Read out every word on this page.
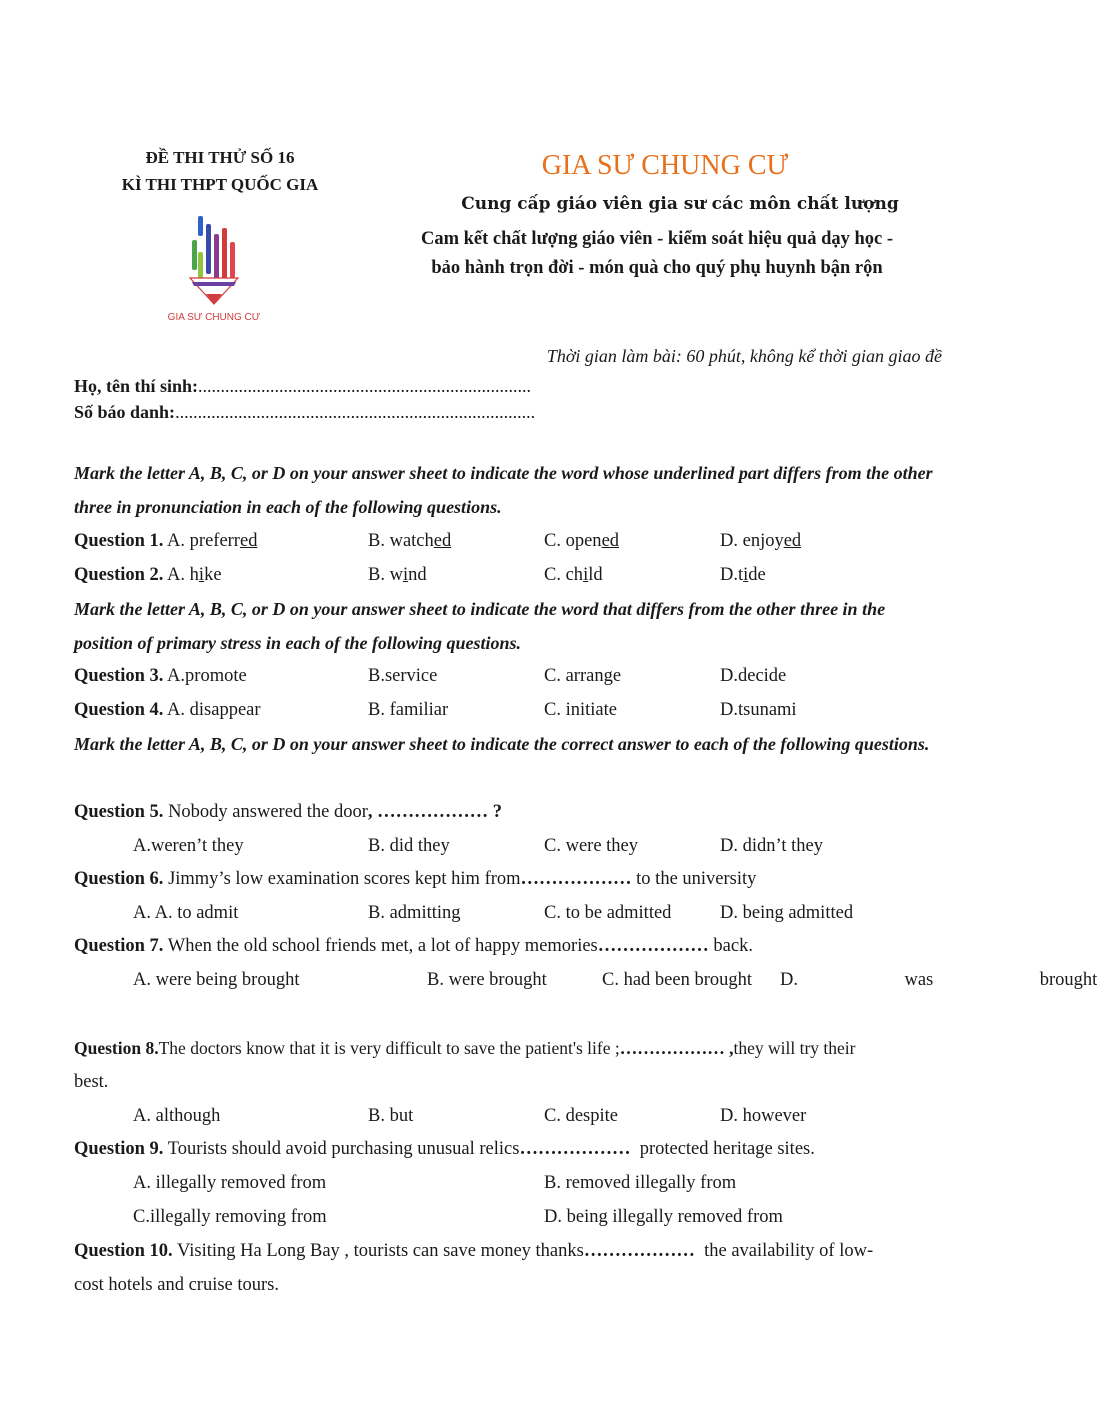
ĐỀ THI THỬ SỐ 16
KÌ THI THPT QUỐC GIA
GIA SƯ CHUNG CƯ
GIA SƯ CHUNG CƯ
Cung cấp giáo viên gia sư các môn chất lượng
Cam kết chất lượng giáo viên - kiểm soát hiệu quả dạy học -
bảo hành trọn đời - món quà cho quý phụ huynh bận rộn
Thời gian làm bài: 60 phút, không kể thời gian giao đề
Họ, tên thí sinh:..........................................................................
Số báo danh:................................................................................
Mark the letter A, B, C, or D on your answer sheet to indicate the word whose underlined part differs from the other three in pronunciation in each of the following questions.
Question 1. A. preferred	B. watched	C. opened	D. enjoyed
Question 2. A. hike	B. wind	C. child	D.tide
Mark the letter A, B, C, or D on your answer sheet to indicate the word that differs from the other three in the position of primary stress in each of the following questions.
Question 3. A.promote	B.service	C. arrange	D.decide
Question 4. A. disappear	B. familiar	C. initiate	D.tsunami
Mark the letter A, B, C, or D on your answer sheet to indicate the correct answer to each of the following questions.
Question 5. Nobody answered the door, ……………… ?
A.weren’t they	B. did they	C. were they	D. didn’t they
Question 6. Jimmy’s low examination scores kept him from……………… to the university
A. A. to admit	B. admitting	C. to be admitted	D. being admitted
Question 7. When the old school friends met, a lot of happy memories……………… back.
A. were being brought	B. were brought	C. had been brought D.    was    brought
Question 8.The doctors know that it is very difficult to save the patient's life ;……………… ,they will try their
best.
A. although	B. but	C. despite	D. however
Question 9. Tourists should avoid purchasing unusual relics………………  protected heritage sites.
A. illegally removed from	B. removed illegally from
C.illegally removing from	D. being illegally removed from
Question 10. Visiting Ha Long Bay , tourists can save money thanks………………  the availability of low-
cost hotels and cruise tours.
